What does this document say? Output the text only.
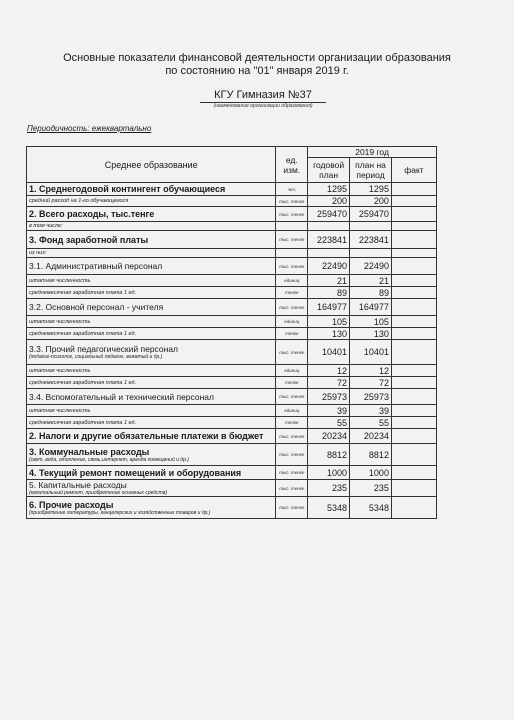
Основные показатели финансовой деятельности организации образования
по состоянию на "01" января 2019 г.
КГУ Гимназия №37
(наименование организации образования)
Периодичность: ежеквартально
Среднее образование	ед. изм.	2019 год		
		годовой план	план на период	факт
1. Среднегодовой контингент обучающиеся	чел.	1295	1295	
средний расход на 1-го обучающегося	тыс. тенге	200	200	
2. Всего расходы, тыс.тенге	тыс. тенге	259470	259470	
в том числе:				
3. Фонд заработной платы	тыс. тенге	223841	223841	
из них:				
3.1. Административный персонал	тыс. тенге	22490	22490	
штатная численность	единиц	21	21	
среднемесячная заработная плата 1 ед.	тенге	89	89	
3.2. Основной персонал - учителя	тыс. тенге	164977	164977	
штатная численность	единиц	105	105	
среднемесячная заработная плата 1 ед.	тенге	130	130	
3.3. Прочий педагогический персонал
(педагог-психолог, социальный педагог, вожатый и др.)	тыс. тенге	10401	10401	
штатная численность	единиц	12	12	
среднемесячная заработная плата 1 ед.	тенге	72	72	
3.4. Вспомогательный и технический персонал	тыс. тенге	25973	25973	
штатная численность	единиц	39	39	
среднемесячная заработная плата 1 ед.	тенге	55	55	
2. Налоги и другие обязательные платежи в бюджет	тыс. тенге	20234	20234	
3. Коммунальные расходы
(свет, вода, отопление, связь,интернет, аренда помещений и др.)	тыс. тенге	8812	8812	
4. Текущий ремонт помещений и оборудования	тыс. тенге	1000	1000	
5. Капитальные расходы
(капитальный ремонт, приобретение основных средств)	тыс. тенге	235	235	
6. Прочие расходы
(приобретение литературы, канцелярских и хозяйственных товаров и др.)	тыс. тенге	5348	5348	
